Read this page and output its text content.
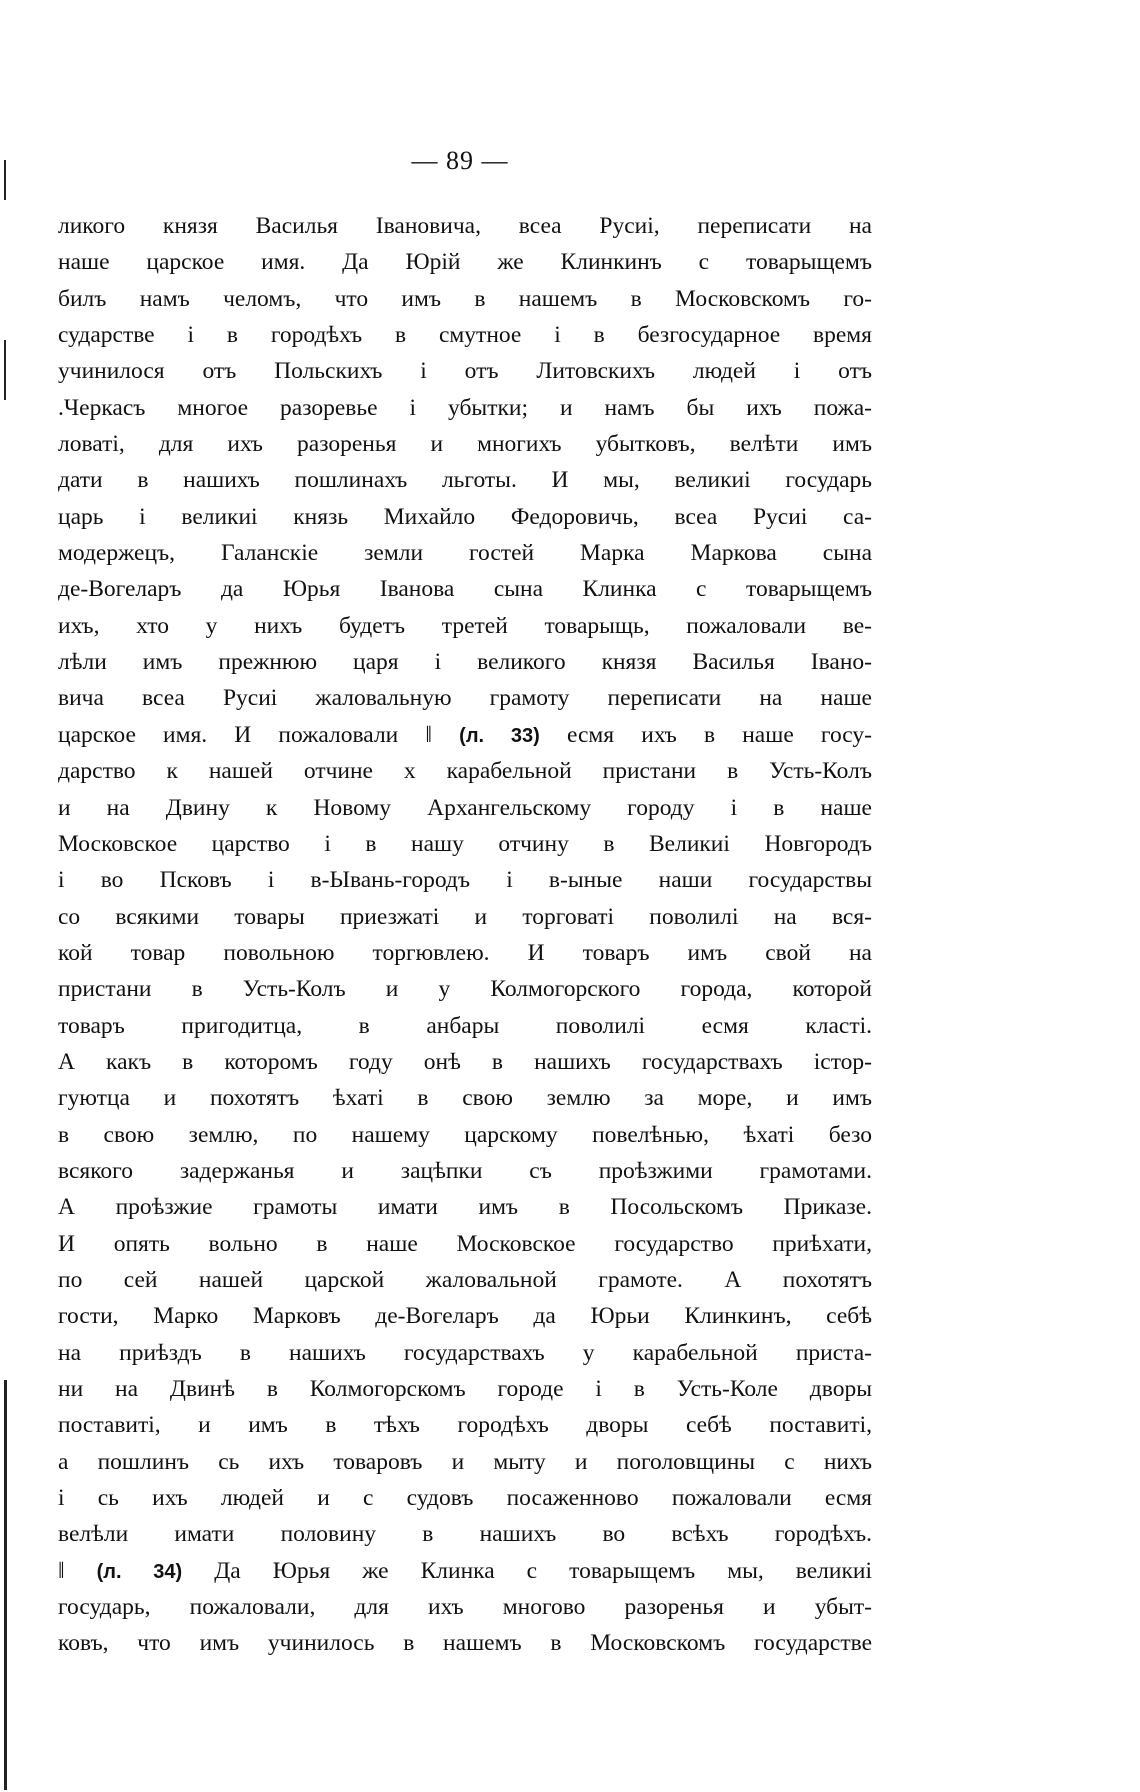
— 89 —
ликого князя Василья Івановича, всеа Русиі, переписати на
наше царское имя. Да Юрій же Клинкинъ с товарыщемъ
билъ намъ челомъ, что имъ в нашемъ в Московскомъ го-
сударстве і в городѣхъ в смутное і в безгосударное время
учинилося отъ Польскихъ і отъ Литовскихъ людей і отъ
.Черкасъ многое разоревье і убытки; и намъ бы ихъ пожа-
ловаті, для ихъ разоренья и многихъ убытковъ, велѣти имъ
дати в нашихъ пошлинахъ льготы. И мы, великиі государь
царь і великиі князь Михайло Федоровичь, всеа Русиі са-
модержецъ, Галанскіе земли гостей Марка Маркова сына
де-Вогеларъ да Юрья Іванова сына Клинка с товарыщемъ
ихъ, хто у нихъ будетъ третей товарыщь, пожаловали ве-
лѣли имъ прежнюю царя і великого князя Василья Івано-
вича всеа Русиі жаловальную грамоту переписати на наше
царское имя. И пожаловали ‖ (л. 33) есмя ихъ в наше госу-
дарство к нашей отчине х карабельной пристани в Усть-Колъ
и на Двину к Новому Архангельскому городу і в наше
Московское царство і в нашу отчину в Великиі Новгородъ
і во Псковъ і в-Ывань-городъ і в-ыные наши государствы
со всякими товары приезжаті и торговаті поволилі на вся-
кой товар повольною торгювлею. И товаръ имъ свой на
пристани в Усть-Колъ и у Колмогорского города, которой
товаръ пригодитца, в анбары поволилі есмя класті.
А какъ в которомъ году онѣ в нашихъ государствахъ істор-
гуютца и похотятъ ѣхаті в свою землю за море, и имъ
в свою землю, по нашему царскому повелѣнью, ѣхаті безо
всякого задержанья и зацѣпки съ проѣзжими грамотами.
А проѣзжие грамоты имати имъ в Посольскомъ Приказе.
И опять вольно в наше Московское государство приѣхати,
по сей нашей царской жаловальной грамоте. А похотятъ
гости, Марко Марковъ де-Вогеларъ да Юрьи Клинкинъ, себѣ
на приѣздъ в нашихъ государствахъ у карабельной приста-
ни на Двинѣ в Колмогорскомъ городе і в Усть-Коле дворы
поставиті, и имъ в тѣхъ городѣхъ дворы себѣ поставиті,
а пошлинъ сь ихъ товаровъ и мыту и поголовщины с нихъ
і сь ихъ людей и с судовъ посаженново пожаловали есмя
велѣли имати половину в нашихъ во всѣхъ городѣхъ.
‖ (л. 34) Да Юрья же Клинка с товарыщемъ мы, великиі
государь, пожаловали, для ихъ многово разоренья и убыт-
ковъ, что имъ учинилось в нашемъ в Московскомъ государстве
